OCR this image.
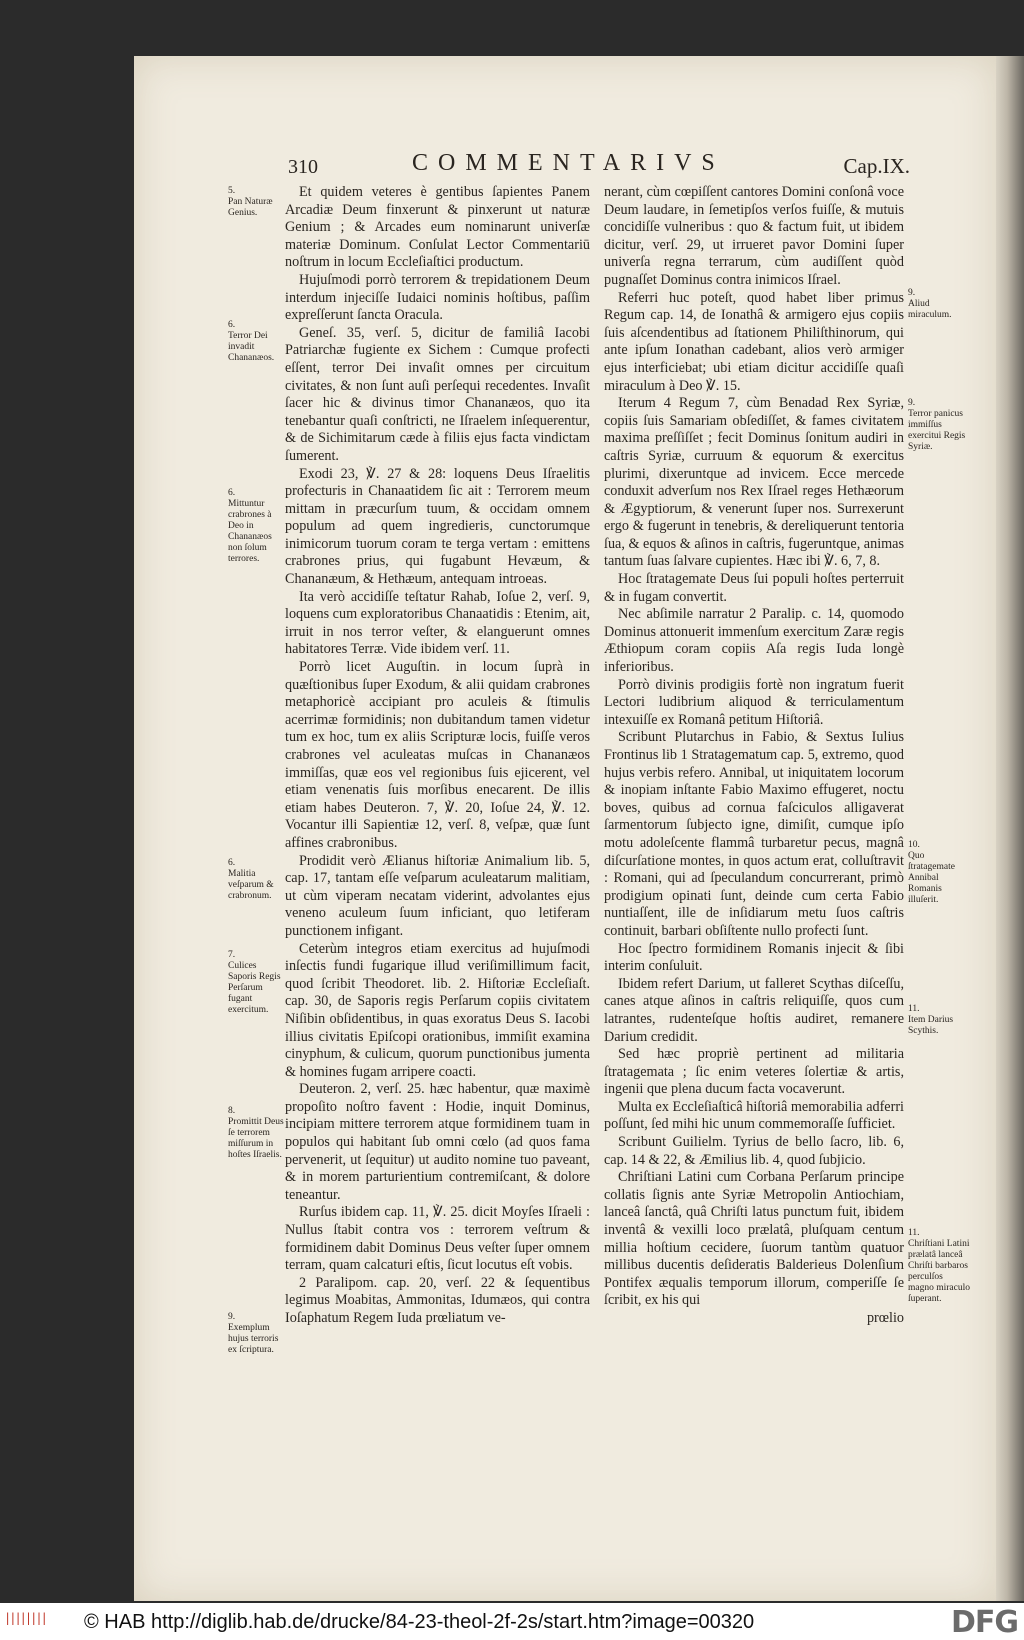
310	COMMENTARIVS	Cap.IX.

Et quidem veteres è gentibus ſapientes Panem Arcadiæ Deum finxerunt & pinxerunt ut naturæ Genium ; & Arcades eum nominarunt univerſæ materiæ Dominum. Conſulat Lector Commentariū noſtrum in locum Eccleſiaſtici productum.

Hujuſmodi porrò terrorem & trepidationem Deum interdum injeciſſe Iudaici nominis hoſtibus, paſſim expreſſerunt ſancta Oracula.

Geneſ. 35, verſ. 5, dicitur de familiâ Iacobi Patriarchæ fugiente ex Sichem : Cumque profecti eſſent, terror Dei invaſit omnes per circuitum civitates, & non ſunt auſi perſequi recedentes. Invaſit ſacer hic & divinus timor Chananæos, quo ita tenebantur quaſi conſtricti, ne Iſraelem inſequerentur, & de Sichimitarum cæde à filiis ejus facta vindictam ſumerent.

Exodi 23, ℣. 27 & 28: loquens Deus Iſraelitis profecturis in Chanaatidem ſic ait : Terrorem meum mittam in præcurſum tuum, & occidam omnem populum ad quem ingredieris, cunctorumque inimicorum tuorum coram te terga vertam : emittens crabrones prius, qui fugabunt Hevæum, & Chananæum, & Hethæum, antequam introeas.

Ita verò accidiſſe teſtatur Rahab, Ioſue 2, verſ. 9, loquens cum exploratoribus Chanaatidis : Etenim, ait, irruit in nos terror veſter, & elanguerunt omnes habitatores Terræ. Vide ibidem verſ. 11.

Porrò licet Auguſtin. in locum ſuprà in quæſtionibus ſuper Exodum, & alii quidam crabrones metaphoricè accipiant pro aculeis & ſtimulis acerrimæ formidinis; non dubitandum tamen videtur tum ex hoc, tum ex aliis Scripturæ locis, fuiſſe veros crabrones vel aculeatas muſcas in Chananæos immiſſas, quæ eos vel regionibus ſuis ejicerent, vel etiam venenatis ſuis morſibus enecarent. De illis etiam habes Deuteron. 7, ℣. 20, Ioſue 24, ℣. 12. Vocantur illi Sapientiæ 12, verſ. 8, veſpæ, quæ ſunt affines crabronibus.

Prodidit verò Ælianus hiſtoriæ Animalium lib. 5, cap. 17, tantam eſſe veſparum aculeatarum malitiam, ut cùm viperam necatam viderint, advolantes ejus veneno aculeum ſuum inficiant, quo letiferam punctionem infigant.

Ceterùm integros etiam exercitus ad hujuſmodi inſectis fundi fugarique illud veriſimillimum facit, quod ſcribit Theodoret. lib. 2. Hiſtoriæ Eccleſiaſt. cap. 30, de Saporis regis Perſarum copiis civitatem Niſibin obſidentibus, in quas exoratus Deus S. Iacobi illius civitatis Epiſcopi orationibus, immiſit examina cinyphum, & culicum, quorum punctionibus jumenta & homines fugam arripere coacti.

Deuteron. 2, verſ. 25. hæc habentur, quæ maximè propoſito noſtro favent : Hodie, inquit Dominus, incipiam mittere terrorem atque formidinem tuam in populos qui habitant ſub omni cœlo (ad quos fama pervenerit, ut ſequitur) ut audito nomine tuo paveant, & in morem parturientium contremiſcant, & dolore teneantur.

Rurſus ibidem cap. 11, ℣. 25. dicit Moyſes Iſraeli : Nullus ſtabit contra vos : terrorem veſtrum & formidinem dabit Dominus Deus veſter ſuper omnem terram, quam calcaturi eſtis, ſicut locutus eſt vobis.

2 Paralipom. cap. 20, verſ. 22 & ſequentibus legimus Moabitas, Ammonitas, Idumæos, qui contra Ioſaphatum Regem Iuda prœliatum ve-

nerant, cùm cœpiſſent cantores Domini conſonâ voce Deum laudare, in ſemetipſos verſos fuiſſe, & mutuis concidiſſe vulneribus : quo & factum fuit, ut ibidem dicitur, verſ. 29, ut irrueret pavor Domini ſuper univerſa regna terrarum, cùm audiſſent quòd pugnaſſet Dominus contra inimicos Iſrael.

Referri huc poteſt, quod habet liber primus Regum cap. 14, de Ionathâ & armigero ejus copiis ſuis aſcendentibus ad ſtationem Philiſthinorum, qui ante ipſum Ionathan cadebant, alios verò armiger ejus interficiebat; ubi etiam dicitur accidiſſe quaſi miraculum à Deo ℣. 15.

Iterum 4 Regum 7, cùm Benadad Rex Syriæ, copiis ſuis Samariam obſediſſet, & fames civitatem maxima preſſiſſet ; fecit Dominus ſonitum audiri in caſtris Syriæ, curruum & equorum & exercitus plurimi, dixeruntque ad invicem. Ecce mercede conduxit adverſum nos Rex Iſrael reges Hethæorum & Ægyptiorum, & venerunt ſuper nos. Surrexerunt ergo & fugerunt in tenebris, & dereliquerunt tentoria ſua, & equos & aſinos in caſtris, fugeruntque, animas tantum ſuas ſalvare cupientes. Hæc ibi ℣. 6, 7, 8.

Hoc ſtratagemate Deus ſui populi hoſtes perterruit & in fugam convertit.

Nec abſimile narratur 2 Paralip. c. 14, quomodo Dominus attonuerit immenſum exercitum Zaræ regis Æthiopum coram copiis Aſa regis Iuda longè inferioribus.

Porrò divinis prodigiis fortè non ingratum fuerit Lectori ludibrium aliquod & terriculamentum intexuiſſe ex Romanâ petitum Hiſtoriâ.

Scribunt Plutarchus in Fabio, & Sextus Iulius Frontinus lib 1 Stratagematum cap. 5, extremo, quod hujus verbis refero. Annibal, ut iniquitatem locorum & inopiam inſtante Fabio Maximo effugeret, noctu boves, quibus ad cornua faſciculos alligaverat ſarmentorum ſubjecto igne, dimiſit, cumque ipſo motu adoleſcente flammâ turbaretur pecus, magnâ diſcurſatione montes, in quos actum erat, colluſtravit : Romani, qui ad ſpeculandum concurrerant, primò prodigium opinati ſunt, deinde cum certa Fabio nuntiaſſent, ille de inſidiarum metu ſuos caſtris continuit, barbari obſiſtente nullo profecti ſunt.

Hoc ſpectro formidinem Romanis injecit & ſibi interim conſuluit.

Ibidem refert Darium, ut falleret Scythas diſceſſu, canes atque aſinos in caſtris reliquiſſe, quos cum latrantes, rudenteſque hoſtis audiret, remanere Darium credidit.

Sed hæc propriè pertinent ad militaria ſtratagemata ; ſic enim veteres ſolertiæ & artis, ingenii que plena ducum facta vocaverunt.

Multa ex Eccleſiaſticâ hiſtoriâ memorabilia adferri poſſunt, ſed mihi hic unum commemoraſſe ſufficiet.

Scribunt Guilielm. Tyrius de bello ſacro, lib. 6, cap. 14 & 22, & Æmilius lib. 4, quod ſubjicio.

Chriſtiani Latini cum Corbana Perſarum principe collatis ſignis ante Syriæ Metropolin Antiochiam, lanceâ ſanctâ, quâ Chriſti latus punctum fuit, ibidem inventâ & vexilli loco prælatâ, pluſquam centum millia hoſtium cecidere, ſuorum tantùm quatuor millibus ducentis deſideratis Balderieus Dolenſium Pontifex æqualis temporum illorum, comperiſſe ſe ſcribit, ex his qui

prœlio

5.
Pan Naturæ Genius.
6.
Terror Dei invadit Chananæos.
6.
Mittuntur crabrones à Deo in Chananæos non ſolum terrores.
6.
Malitia veſparum & crabronum.
7.
Culices Saporis Regis Perſarum fugant exercitum.
8.
Promittit Deus ſe terrorem miſſurum in hoſtes Iſraelis.
9.
Exemplum hujus terroris ex ſcriptura.
9.
Aliud miraculum.
9.
Terror panicus immiſſus exercitui Regis Syriæ.
10.
Quo ſtratagemate Annibal Romanis illuſerit.
11.
Item Darius Scythis.
11.
Chriſtiani Latini prælatâ lanceâ Chriſti barbaros perculſos magno miraculo ſuperant.
|||||||| © HAB http://diglib.hab.de/drucke/84-23-theol-2f-2s/start.htm?image=00320	DFG
